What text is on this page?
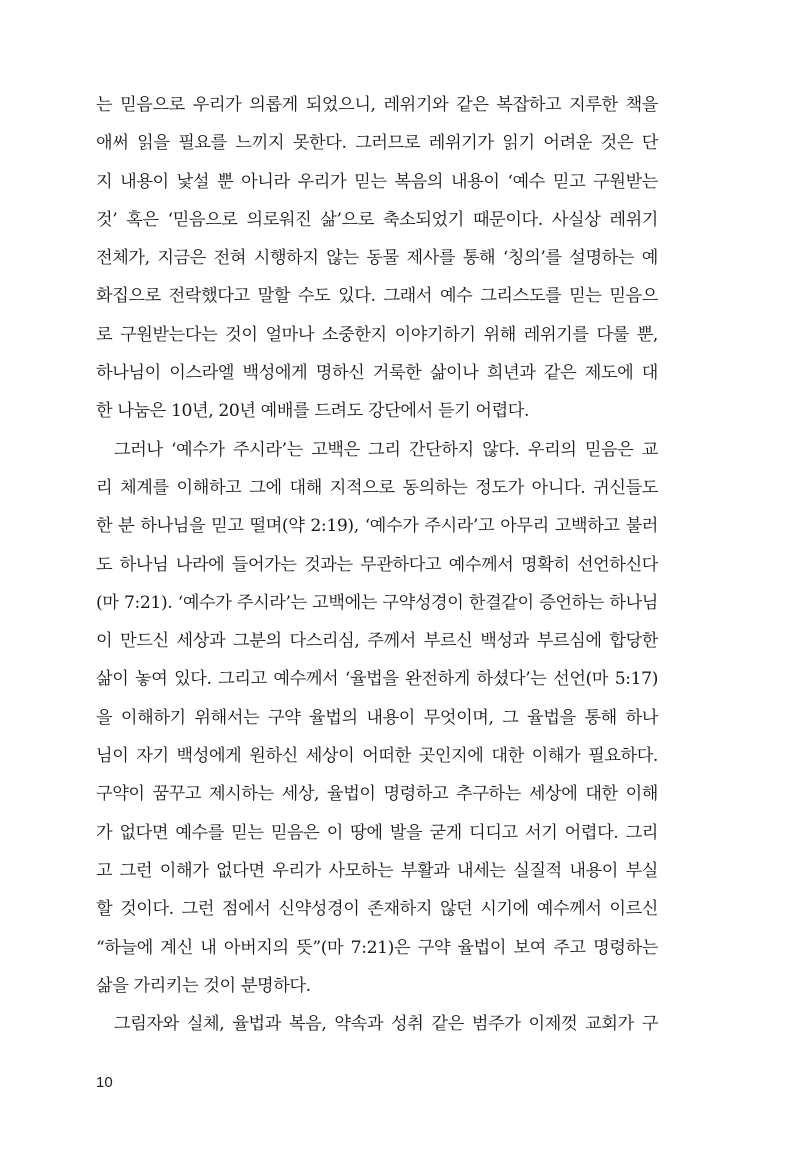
는 믿음으로 우리가 의롭게 되었으니, 레위기와 같은 복잡하고 지루한 책을
애써 읽을 필요를 느끼지 못한다. 그러므로 레위기가 읽기 어려운 것은 단
지 내용이 낯설 뿐 아니라 우리가 믿는 복음의 내용이 ‘예수 믿고 구원받는
것’ 혹은 ‘믿음으로 의로워진 삶’으로 축소되었기 때문이다. 사실상 레위기
전체가, 지금은 전혀 시행하지 않는 동물 제사를 통해 ‘칭의’를 설명하는 예
화집으로 전락했다고 말할 수도 있다. 그래서 예수 그리스도를 믿는 믿음으
로 구원받는다는 것이 얼마나 소중한지 이야기하기 위해 레위기를 다룰 뿐,
하나님이 이스라엘 백성에게 명하신 거룩한 삶이나 희년과 같은 제도에 대
한 나눔은 10년, 20년 예배를 드려도 강단에서 듣기 어렵다.
그러나 ‘예수가 주시라’는 고백은 그리 간단하지 않다. 우리의 믿음은 교
리 체계를 이해하고 그에 대해 지적으로 동의하는 정도가 아니다. 귀신들도
한 분 하나님을 믿고 떨며(약 2:19), ‘예수가 주시라’고 아무리 고백하고 불러
도 하나님 나라에 들어가는 것과는 무관하다고 예수께서 명확히 선언하신다
(마 7:21). ‘예수가 주시라’는 고백에는 구약성경이 한결같이 증언하는 하나님
이 만드신 세상과 그분의 다스리심, 주께서 부르신 백성과 부르심에 합당한
삶이 놓여 있다. 그리고 예수께서 ‘율법을 완전하게 하셨다’는 선언(마 5:17)
을 이해하기 위해서는 구약 율법의 내용이 무엇이며, 그 율법을 통해 하나
님이 자기 백성에게 원하신 세상이 어떠한 곳인지에 대한 이해가 필요하다.
구약이 꿈꾸고 제시하는 세상, 율법이 명령하고 추구하는 세상에 대한 이해
가 없다면 예수를 믿는 믿음은 이 땅에 발을 굳게 디디고 서기 어렵다. 그리
고 그런 이해가 없다면 우리가 사모하는 부활과 내세는 실질적 내용이 부실
할 것이다. 그런 점에서 신약성경이 존재하지 않던 시기에 예수께서 이르신
“하늘에 계신 내 아버지의 뜻”(마 7:21)은 구약 율법이 보여 주고 명령하는
삶을 가리키는 것이 분명하다.
그림자와 실체, 율법과 복음, 약속과 성취 같은 범주가 이제껏 교회가 구
10
